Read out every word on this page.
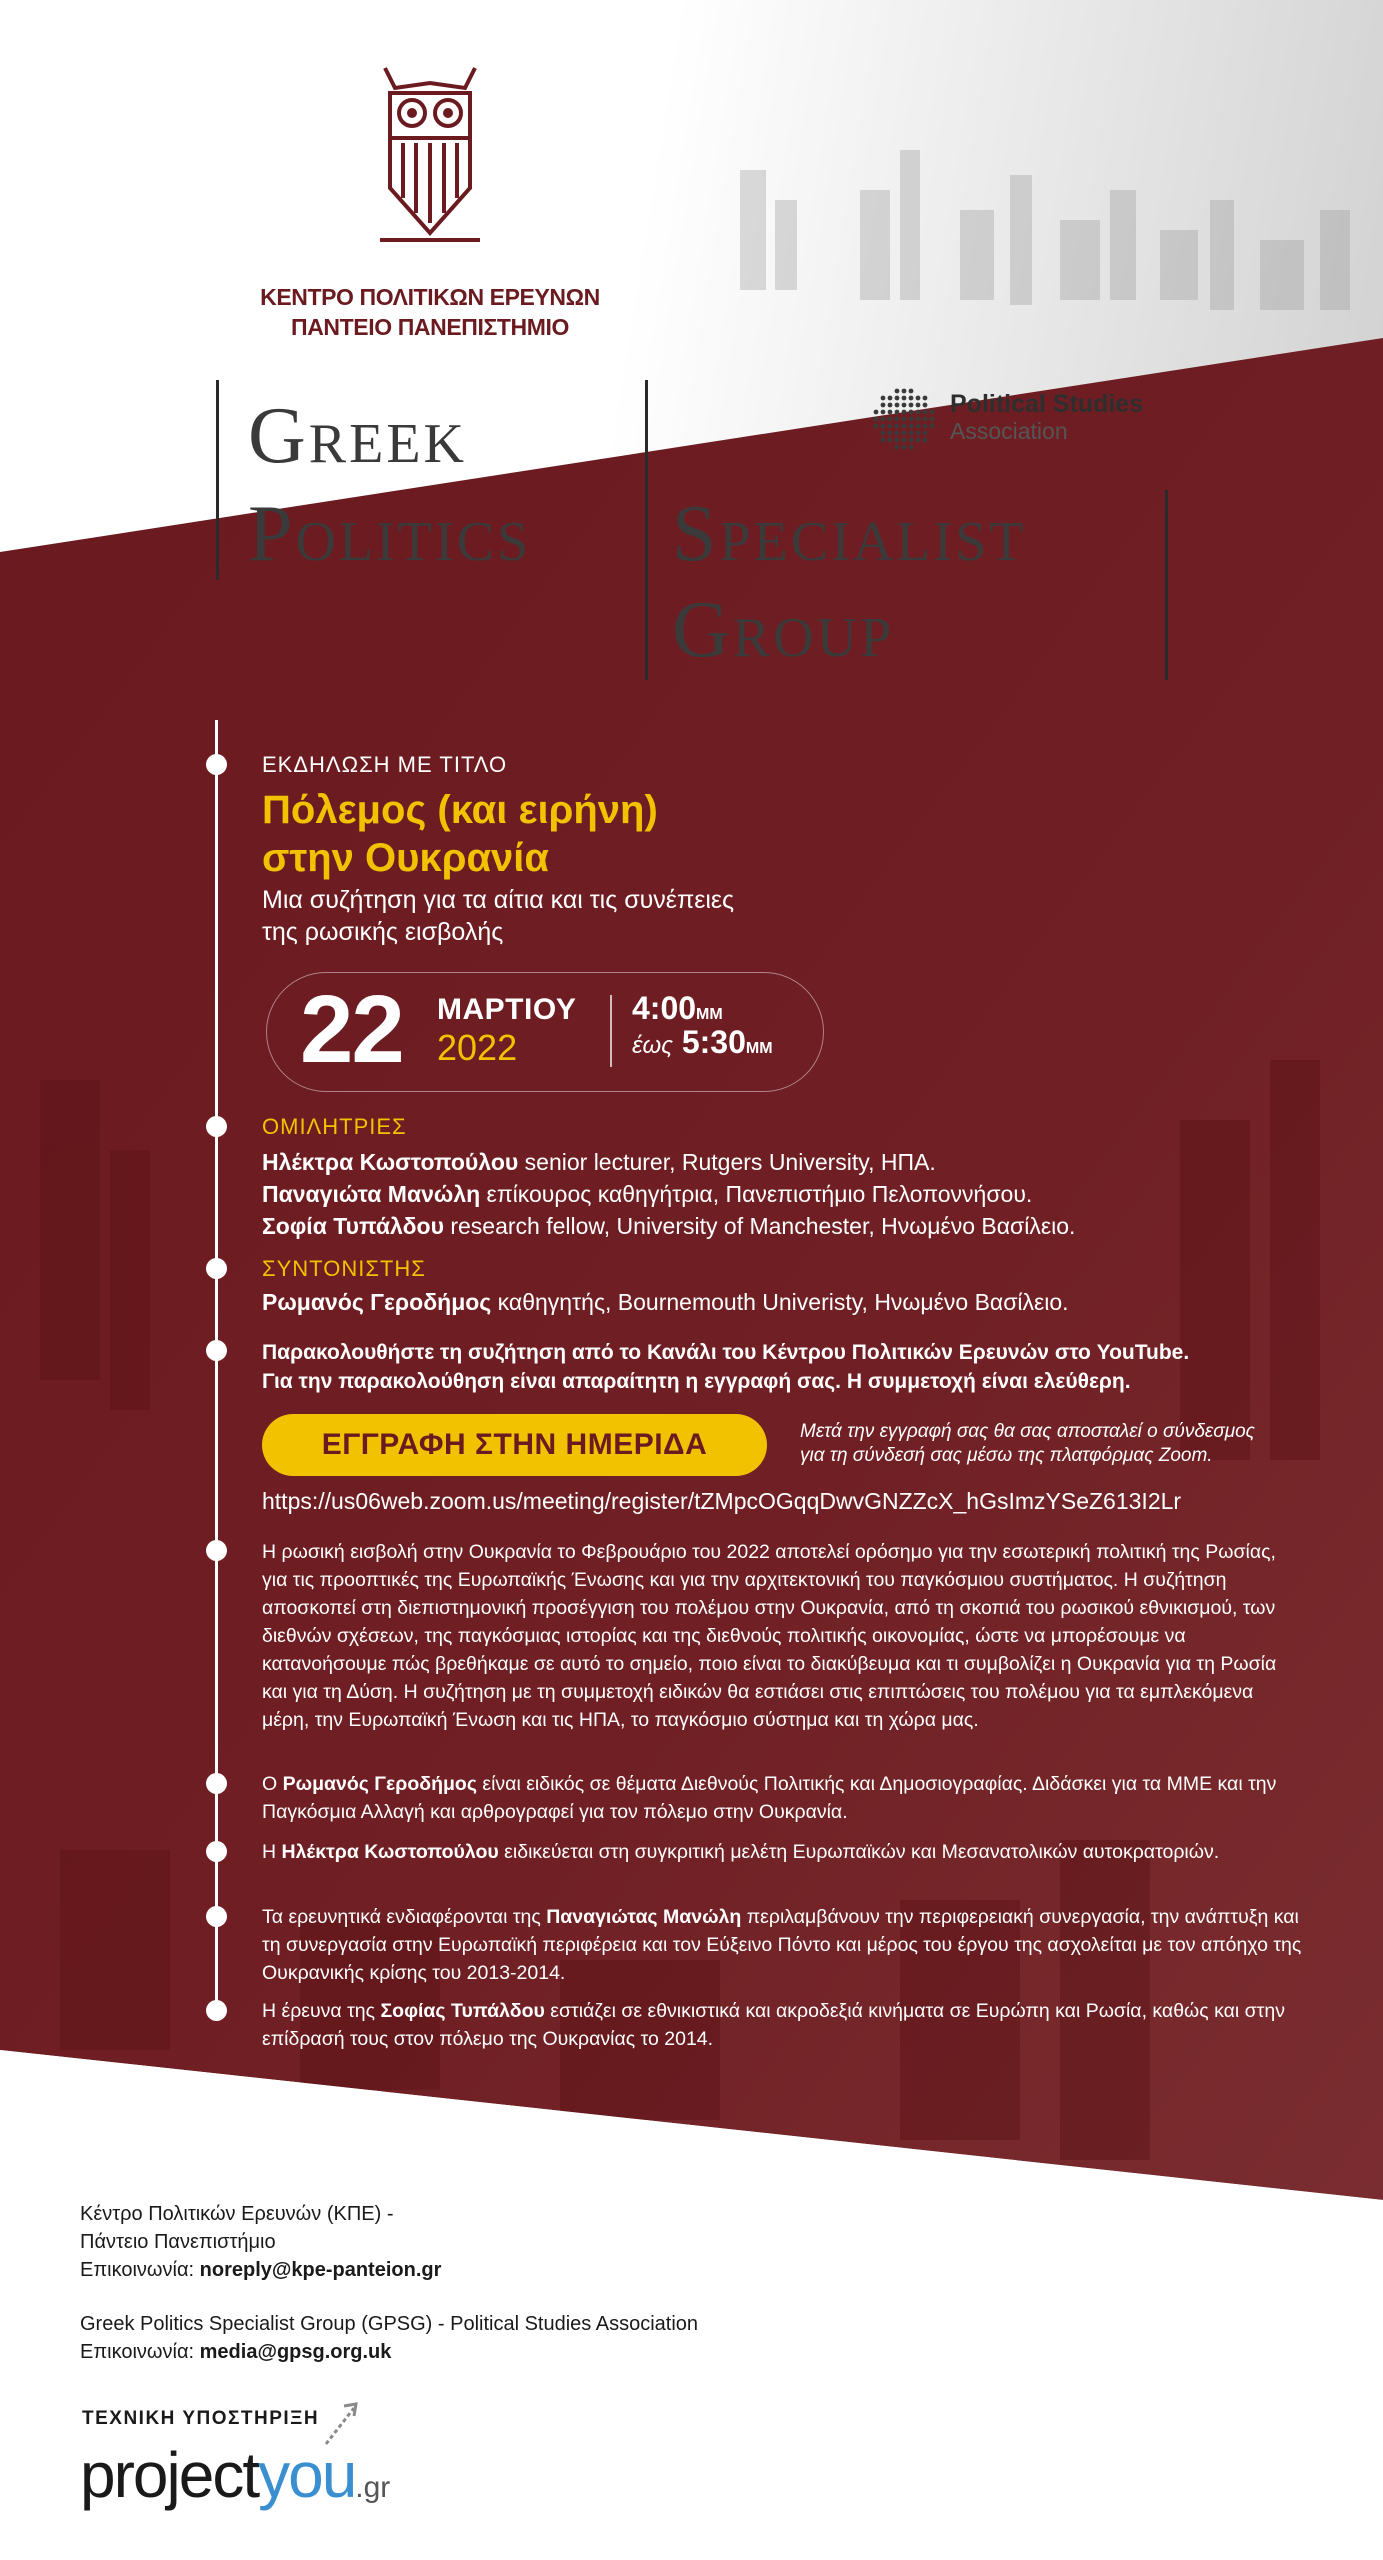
ΚΕΝΤΡΟ ΠΟΛΙΤΙΚΩΝ ΕΡΕΥΝΩΝ
ΠΑΝΤΕΙΟ ΠΑΝΕΠΙΣΤΗΜΙΟ
Greek
Politics Specialist
Group
Political Studies
Association
ΕΚΔΗΛΩΣΗ ΜΕ ΤΙΤΛΟ
Πόλεμος (και ειρήνη)
στην Ουκρανία
Μια συζήτηση για τα αίτια και τις συνέπειες
της ρωσικής εισβολής
22 ΜΑΡΤΙΟΥ
2022
4:00ΜΜ
έως 5:30ΜΜ
ΟΜΙΛΗΤΡΙΕΣ
Ηλέκτρα Κωστοπούλου senior lecturer, Rutgers University, ΗΠΑ.
Παναγιώτα Μανώλη επίκουρος καθηγήτρια, Πανεπιστήμιο Πελοποννήσου.
Σοφία Τυπάλδου research fellow, University of Manchester, Ηνωμένο Βασίλειο.
ΣΥΝΤΟΝΙΣΤΗΣ
Ρωμανός Γεροδήμος καθηγητής, Bournemouth Univeristy, Ηνωμένο Βασίλειο.
Παρακολουθήστε τη συζήτηση από το Κανάλι του Κέντρου Πολιτικών Ερευνών στο YouTube.
Για την παρακολούθηση είναι απαραίτητη η εγγραφή σας. Η συμμετοχή είναι ελεύθερη.
ΕΓΓΡΑΦΗ ΣΤΗΝ ΗΜΕΡΙΔΑ	Μετά την εγγραφή σας θα σας αποσταλεί ο σύνδεσμος
για τη σύνδεσή σας μέσω της πλατφόρμας Zoom.
https://us06web.zoom.us/meeting/register/tZMpcOGqqDwvGNZZcX_hGsImzYSeZ613I2Lr
Η ρωσική εισβολή στην Ουκρανία το Φεβρουάριο του 2022 αποτελεί ορόσημο για την εσωτερική πολιτική της Ρωσίας, για τις προοπτικές της Ευρωπαϊκής Ένωσης και για την αρχιτεκτονική του παγκόσμιου συστήματος. Η συζήτηση αποσκοπεί στη διεπιστημονική προσέγγιση του πολέμου στην Ουκρανία, από τη σκοπιά του ρωσικού εθνικισμού, των διεθνών σχέσεων, της παγκόσμιας ιστορίας και της διεθνούς πολιτικής οικονομίας, ώστε να μπορέσουμε να κατανοήσουμε πώς βρεθήκαμε σε αυτό το σημείο, ποιο είναι το διακύβευμα και τι συμβολίζει η Ουκρανία για τη Ρωσία και για τη Δύση. Η συζήτηση με τη συμμετοχή ειδικών θα εστιάσει στις επιπτώσεις του πολέμου για τα εμπλεκόμενα μέρη, την Ευρωπαϊκή Ένωση και τις ΗΠΑ, το παγκόσμιο σύστημα και τη χώρα μας.
Ο Ρωμανός Γεροδήμος είναι ειδικός σε θέματα Διεθνούς Πολιτικής και Δημοσιογραφίας. Διδάσκει για τα ΜΜΕ και την Παγκόσμια Αλλαγή και αρθρογραφεί για τον πόλεμο στην Ουκρανία.
Η Ηλέκτρα Κωστοπούλου ειδικεύεται στη συγκριτική μελέτη Ευρωπαϊκών και Μεσανατολικών αυτοκρατοριών.
Τα ερευνητικά ενδιαφέρονται της Παναγιώτας Μανώλη περιλαμβάνουν την περιφερειακή συνεργασία, την ανάπτυξη και τη συνεργασία στην Ευρωπαϊκή περιφέρεια και τον Εύξεινο Πόντο και μέρος του έργου της ασχολείται με τον απόηχο της Ουκρανικής κρίσης του 2013-2014.
Η έρευνα της Σοφίας Τυπάλδου εστιάζει σε εθνικιστικά και ακροδεξιά κινήματα σε Ευρώπη και Ρωσία, καθώς και στην επίδρασή τους στον πόλεμο της Ουκρανίας το 2014.
Κέντρο Πολιτικών Ερευνών (ΚΠΕ) -
Πάντειο Πανεπιστήμιο
Επικοινωνία: noreply@kpe-panteion.gr
Greek Politics Specialist Group (GPSG) - Political Studies Association
Επικοινωνία: media@gpsg.org.uk
ΤΕΧΝΙΚΗ ΥΠΟΣΤΗΡΙΞΗ
projectyou.gr
